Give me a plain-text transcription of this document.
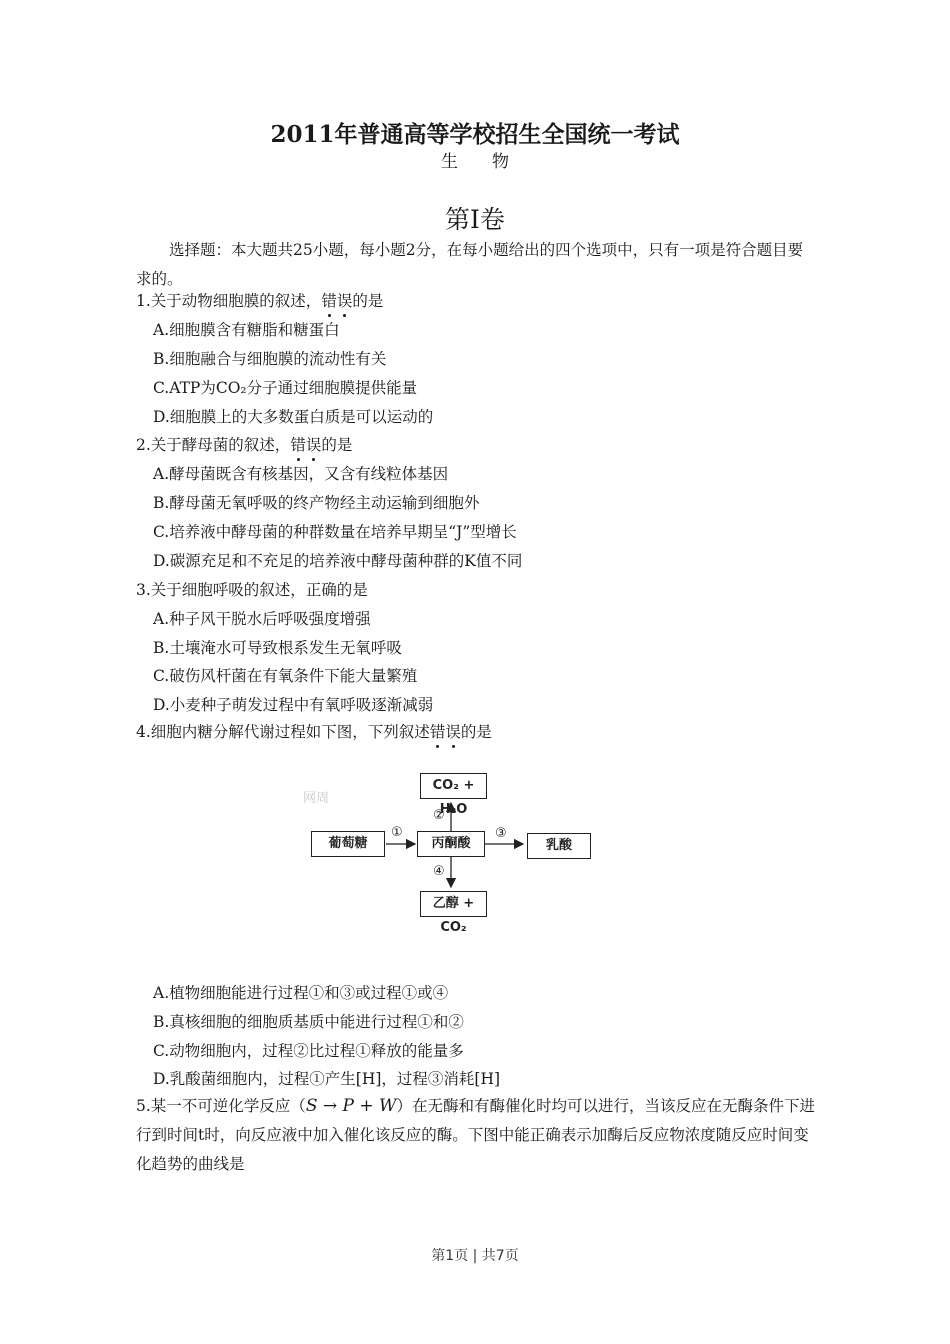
2011年普通高等学校招生全国统一考试
生 物
第I卷
选择题：本大题共25小题，每小题2分，在每小题给出的四个选项中，只有一项是符合题目要求的。
1.关于动物细胞膜的叙述，错误的是
A.细胞膜含有糖脂和糖蛋白
B.细胞融合与细胞膜的流动性有关
C.ATP为CO₂分子通过细胞膜提供能量
D.细胞膜上的大多数蛋白质是可以运动的
2.关于酵母菌的叙述，错误的是
A.酵母菌既含有核基因，又含有线粒体基因
B.酵母菌无氧呼吸的终产物经主动运输到细胞外
C.培养液中酵母菌的种群数量在培养早期呈“J”型增长
D.碳源充足和不充足的培养液中酵母菌种群的K值不同
3.关于细胞呼吸的叙述，正确的是
A.种子风干脱水后呼吸强度增强
B.土壤淹水可导致根系发生无氧呼吸
C.破伤风杆菌在有氧条件下能大量繁殖
D.小麦种子萌发过程中有氧呼吸逐渐减弱
4.细胞内糖分解代谢过程如下图，下列叙述错误的是
网周
CO₂ + H₂O
葡萄糖	丙酮酸	乳酸
乙醇 + CO₂
①
②
③
④
A.植物细胞能进行过程①和③或过程①或④
B.真核细胞的细胞质基质中能进行过程①和②
C.动物细胞内，过程②比过程①释放的能量多
D.乳酸菌细胞内，过程①产生[H]，过程③消耗[H]
5.某一不可逆化学反应（S → P + W）在无酶和有酶催化时均可以进行，当该反应在无酶条件下进行到时间t时，向反应液中加入催化该反应的酶。下图中能正确表示加酶后反应物浓度随反应时间变化趋势的曲线是
第1页 | 共7页
